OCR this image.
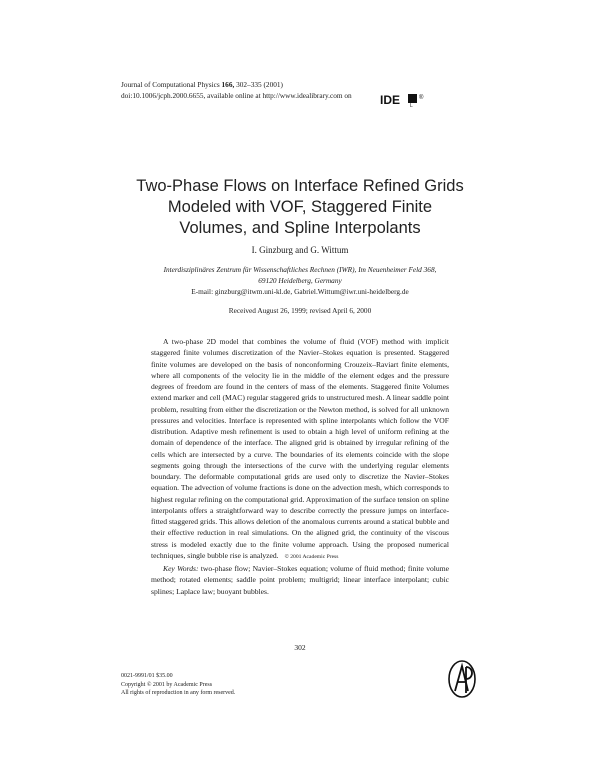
Journal of Computational Physics 166, 302–335 (2001)
doi:10.1006/jcph.2000.6655, available online at http://www.idealibrary.com on IDE L
®
Two-Phase Flows on Interface Refined Grids
Modeled with VOF, Staggered Finite
Volumes, and Spline Interpolants
I. Ginzburg and G. Wittum
Interdisziplinäres Zentrum für Wissenschaftliches Rechnen (IWR), Im Neuenheimer Feld 368,
69120 Heidelberg, Germany
E-mail: ginzburg@itwm.uni-kl.de, Gabriel.Wittum@iwr.uni-heidelberg.de
Received August 26, 1999; revised April 6, 2000

A two-phase 2D model that combines the volume of fluid (VOF) method with implicit staggered finite volumes discretization of the Navier–Stokes equation is presented. Staggered finite volumes are developed on the basis of nonconforming Crouzeix–Raviart finite elements, where all components of the velocity lie in the middle of the element edges and the pressure degrees of freedom are found in the centers of mass of the elements. Staggered finite Volumes extend marker and cell (MAC) regular staggered grids to unstructured mesh. A linear saddle point problem, resulting from either the discretization or the Newton method, is solved for all unknown pressures and velocities. Interface is represented with spline interpolants which follow the VOF distribution. Adaptive mesh refinement is used to obtain a high level of uniform refining at the domain of dependence of the interface. The aligned grid is obtained by irregular refining of the cells which are intersected by a curve. The boundaries of its elements coincide with the slope segments going through the intersections of the curve with the underlying regular elements boundary. The deformable computational grids are used only to discretize the Navier–Stokes equation. The advection of volume fractions is done on the advection mesh, which corresponds to highest regular refining on the computational grid. Approximation of the surface tension on spline interpolants offers a straightforward way to describe correctly the pressure jumps on interface-fitted staggered grids. This allows deletion of the anomalous currents around a statical bubble and their effective reduction in real simulations. On the aligned grid, the continuity of the viscous stress is modeled exactly due to the finite volume approach. Using the proposed numerical techniques, single bubble rise is analyzed. © 2001 Academic Press

Key Words: two-phase flow; Navier–Stokes equation; volume of fluid method; finite volume method; rotated elements; saddle point problem; multigrid; linear interface interpolant; cubic splines; Laplace law; buoyant bubbles.

302
0021-9991/01 $35.00
Copyright © 2001 by Academic Press
All rights of reproduction in any form reserved.
